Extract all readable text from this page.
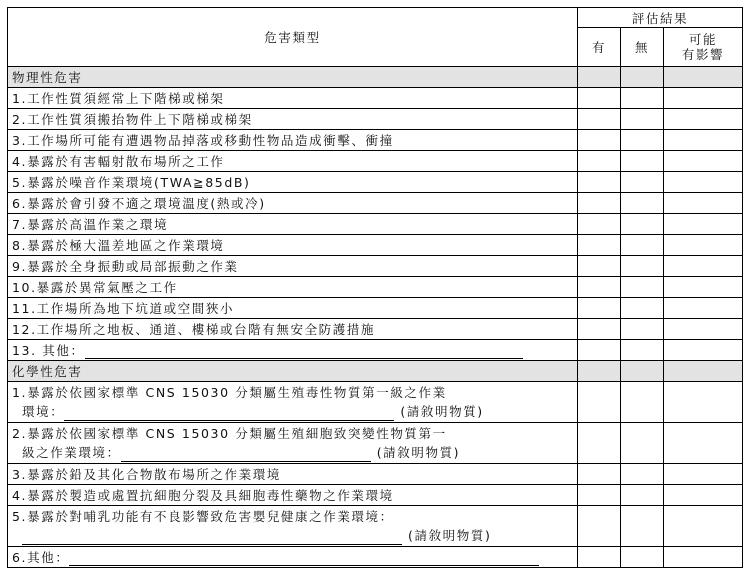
危害類型	評估結果		
	有	無	可能
有影響
物理性危害			
1.工作性質須經常上下階梯或梯架			
2.工作性質須搬抬物件上下階梯或梯架			
3.工作場所可能有遭遇物品掉落或移動性物品造成衝擊、衝撞			
4.暴露於有害輻射散布場所之工作			
5.暴露於噪音作業環境(TWA≧85dB)			
6.暴露於會引發不適之環境溫度(熱或冷)			
7.暴露於高溫作業之環境			
8.暴露於極大溫差地區之作業環境			
9.暴露於全身振動或局部振動之作業			
10.暴露於異常氣壓之工作			
11.工作場所為地下坑道或空間狹小			
12.工作場所之地板、通道、樓梯或台階有無安全防護措施			
13. 其他：			
化學性危害			

1.暴露於依國家標準 CNS 15030 分類屬生殖毒性物質第一級之作業
環境： (請敘明物質)			

2.暴露於依國家標準 CNS 15030 分類屬生殖細胞致突變性物質第一
級之作業環境： (請敘明物質)			

3.暴露於鉛及其化合物散布場所之作業環境			
4.暴露於製造或處置抗細胞分裂及具細胞毒性藥物之作業環境			

5.暴露於對哺乳功能有不良影響致危害嬰兒健康之作業環境：
(請敘明物質)			

6.其他：			
